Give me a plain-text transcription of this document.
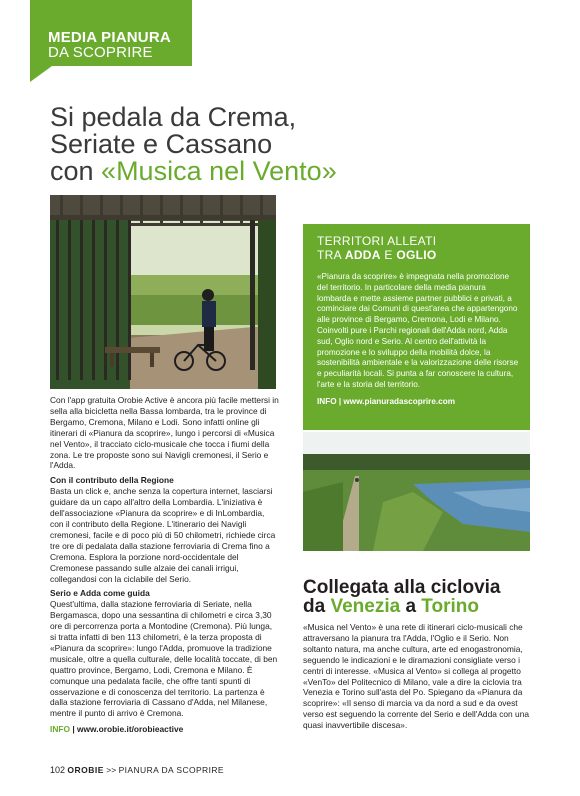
MEDIA PIANURA
DA SCOPRIRE
Si pedala da Crema,
Seriate e Cassano
con «Musica nel Vento»

Con l'app gratuita Orobie Active è ancora più facile mettersi in sella alla bicicletta nella Bassa lombarda, tra le province di Bergamo, Cremona, Milano e Lodi. Sono infatti online gli itinerari di «Pianura da scoprire», lungo i percorsi di «Musica nel Vento», il tracciato ciclo-musicale che tocca i fiumi della zona. Le tre proposte sono sui Navigli cremonesi, il Serio e l'Adda.

Con il contributo della Regione

Basta un click e, anche senza la copertura internet, lasciarsi guidare da un capo all'altro della Lombardia. L'iniziativa è dell'associazione «Pianura da scoprire» e di InLombardia, con il contributo della Regione. L'itinerario dei Navigli cremonesi, facile e di poco più di 50 chilometri, richiede circa tre ore di pedalata dalla stazione ferroviaria di Crema fino a Cremona. Esplora la porzione nord-occidentale del Cremonese passando sulle alzaie dei canali irrigui, collegandosi con la ciclabile del Serio.

Serio e Adda come guida

Quest'ultima, dalla stazione ferroviaria di Seriate, nella Bergamasca, dopo una sessantina di chilometri e circa 3,30 ore di percorrenza porta a Montodine (Cremona). Più lunga, si tratta infatti di ben 113 chilometri, è la terza proposta di «Pianura da scoprire»: lungo l'Adda, promuove la tradizione musicale, oltre a quella culturale, delle località toccate, di ben quattro province, Bergamo, Lodi, Cremona e Milano. È comunque una pedalata facile, che offre tanti spunti di osservazione e di conoscenza del territorio. La partenza è dalla stazione ferroviaria di Cassano d'Adda, nel Milanese, mentre il punto di arrivo è Cremona.

INFO | www.orobie.it/orobieactive
TERRITORI ALLEATI
TRA ADDA E OGLIO
«Pianura da scoprire» è impegnata nella promozione del territorio. In particolare della media pianura lombarda e mette assieme partner pubblici e privati, a cominciare dai Comuni di quest'area che appartengono alle province di Bergamo, Cremona, Lodi e Milano. Coinvolti pure i Parchi regionali dell'Adda nord, Adda sud, Oglio nord e Serio. Al centro dell'attività la promozione e lo sviluppo della mobilità dolce, la sostenibilità ambientale e la valorizzazione delle risorse e peculiarità locali. Si punta a far conoscere la cultura, l'arte e la storia del territorio.
INFO | www.pianuradascoprire.com
Collegata alla ciclovia
da Venezia a Torino
«Musica nel Vento» è una rete di itinerari ciclo-musicali che attraversano la pianura tra l'Adda, l'Oglio e il Serio. Non soltanto natura, ma anche cultura, arte ed enogastronomia, seguendo le indicazioni e le diramazioni consigliate verso i centri di interesse. «Musica al Vento» si collega al progetto «VenTo» del Politecnico di Milano, vale a dire la ciclovia tra Venezia e Torino sull'asta del Po. Spiegano da «Pianura da scoprire»: «Il senso di marcia va da nord a sud e da ovest verso est seguendo la corrente del Serio e dell'Adda con una quasi inavvertibile discesa».
102 OROBIE >> PIANURA DA SCOPRIRE
